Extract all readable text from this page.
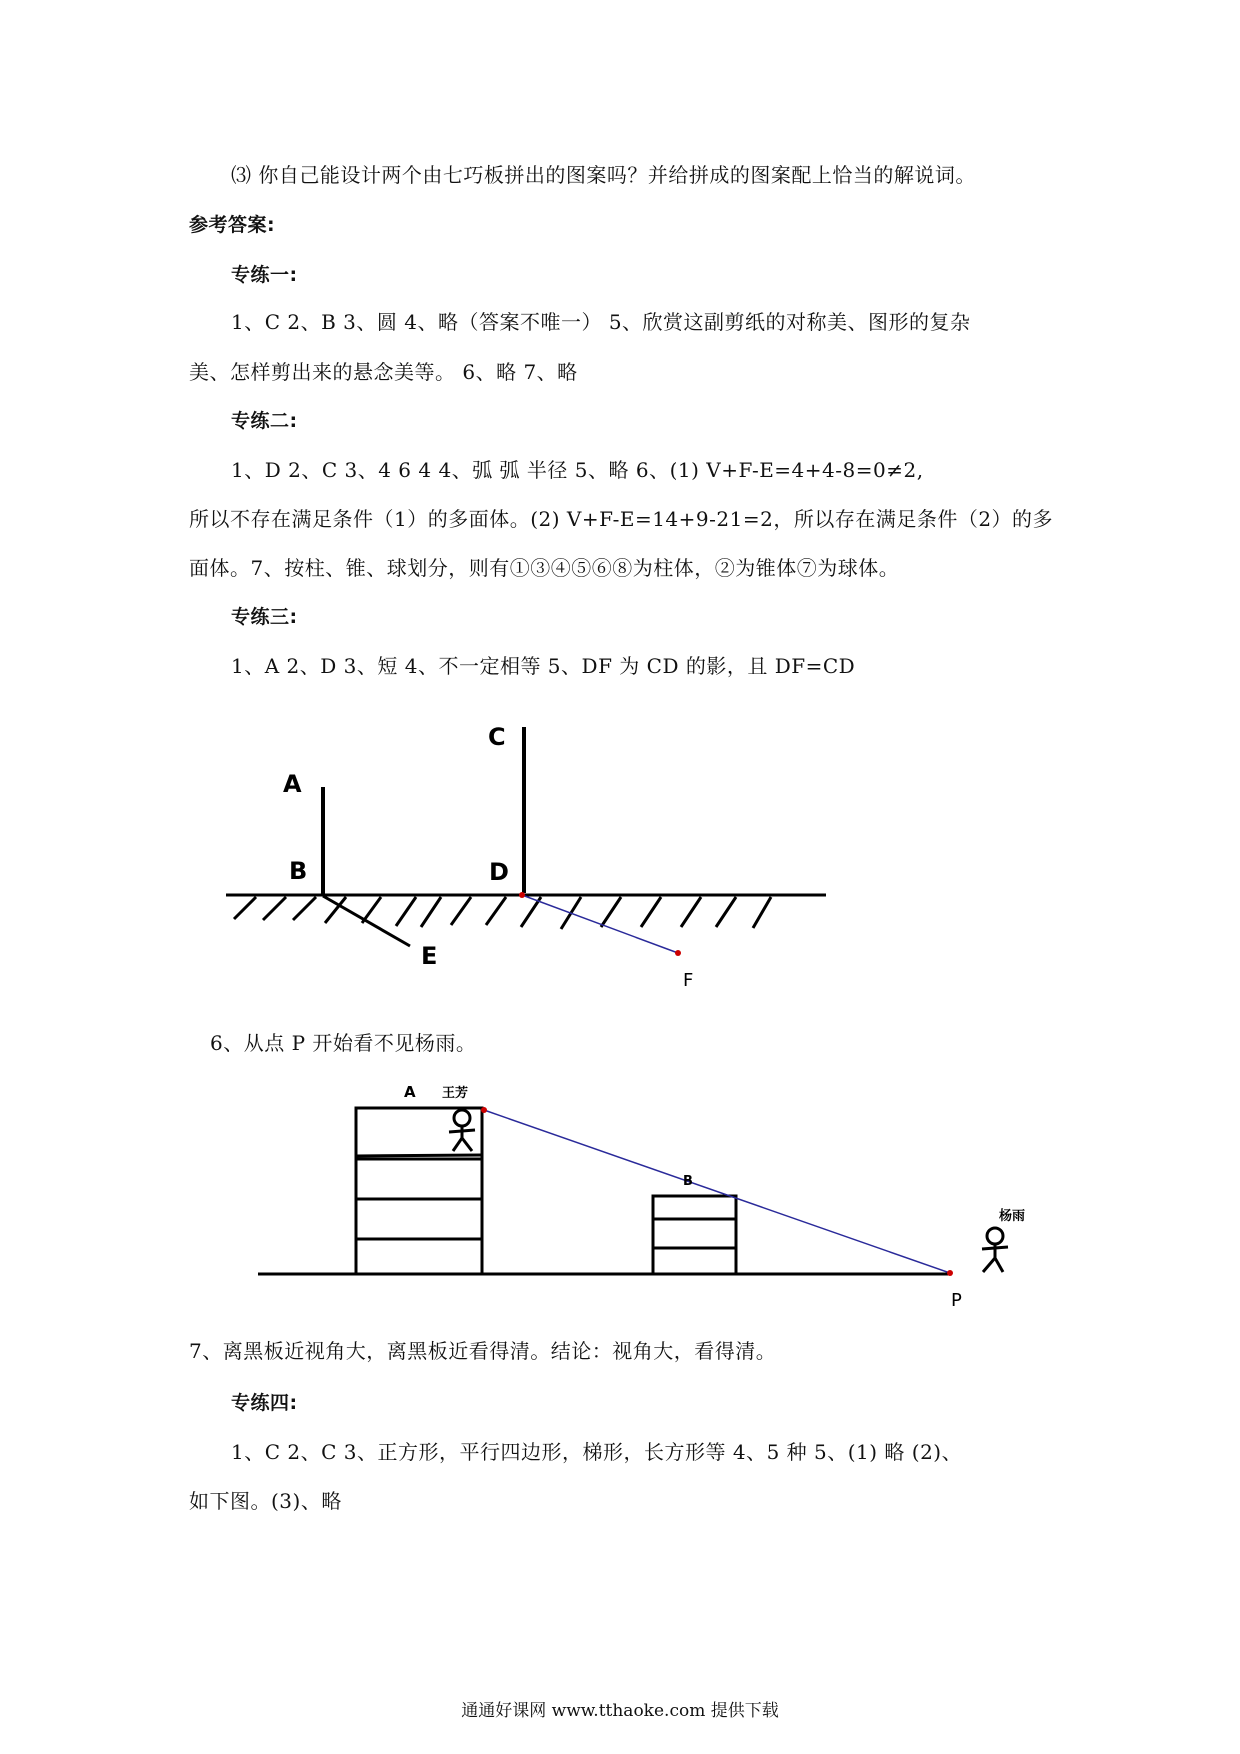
⑶ 你自己能设计两个由七巧板拼出的图案吗？并给拼成的图案配上恰当的解说词。
参考答案:
专练一:
1、C 2、B 3、圆 4、略（答案不唯一） 5、欣赏这副剪纸的对称美、图形的复杂
美、怎样剪出来的悬念美等。 6、略 7、略
专练二:
1、D 2、C 3、4 6 4 4、弧 弧 半径 5、略 6、(1) V+F-E=4+4-8=0≠2,
所以不存在满足条件（1）的多面体。(2) V+F-E=14+9-21=2，所以存在满足条件（2）的多
面体。7、按柱、锥、球划分，则有①③④⑤⑥⑧为柱体，②为锥体⑦为球体。
专练三:
1、A 2、D 3、短 4、不一定相等 5、DF 为 CD 的影，且 DF=CD
A
B
C
D
E
F
6、从点 P 开始看不见杨雨。
A 王芳
B
杨雨
P
7、离黑板近视角大，离黑板近看得清。结论：视角大，看得清。
专练四:
1、C 2、C 3、正方形，平行四边形，梯形，长方形等 4、5 种 5、(1) 略 (2)、
如下图。(3)、略
通通好课网 www.tthaoke.com 提供下载
